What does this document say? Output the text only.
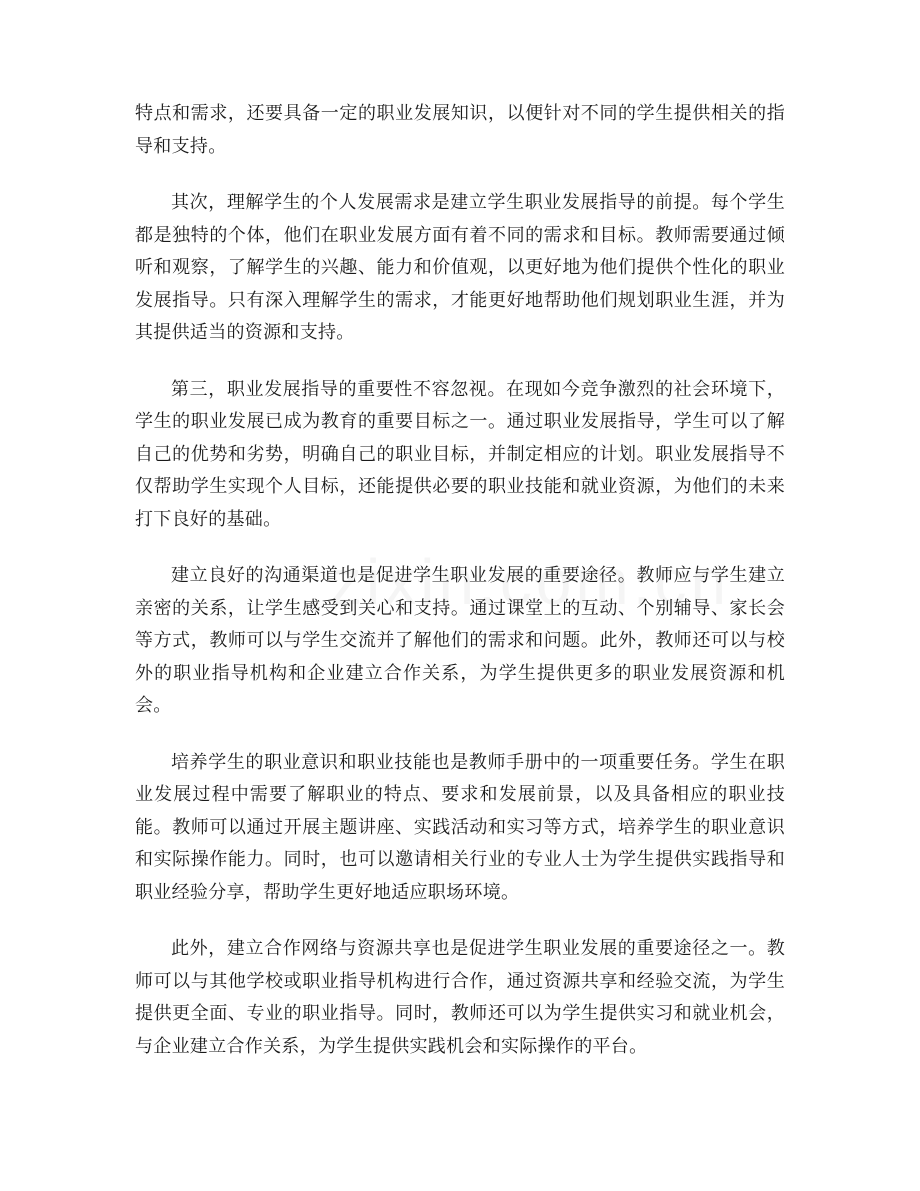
特点和需求，还要具备一定的职业发展知识，以便针对不同的学生提供相关的指导和支持。

其次，理解学生的个人发展需求是建立学生职业发展指导的前提。每个学生都是独特的个体，他们在职业发展方面有着不同的需求和目标。教师需要通过倾听和观察，了解学生的兴趣、能力和价值观，以更好地为他们提供个性化的职业发展指导。只有深入理解学生的需求，才能更好地帮助他们规划职业生涯，并为其提供适当的资源和支持。

第三，职业发展指导的重要性不容忽视。在现如今竞争激烈的社会环境下，学生的职业发展已成为教育的重要目标之一。通过职业发展指导，学生可以了解自己的优势和劣势，明确自己的职业目标，并制定相应的计划。职业发展指导不仅帮助学生实现个人目标，还能提供必要的职业技能和就业资源，为他们的未来打下良好的基础。

建立良好的沟通渠道也是促进学生职业发展的重要途径。教师应与学生建立亲密的关系，让学生感受到关心和支持。通过课堂上的互动、个别辅导、家长会等方式，教师可以与学生交流并了解他们的需求和问题。此外，教师还可以与校外的职业指导机构和企业建立合作关系，为学生提供更多的职业发展资源和机会。

培养学生的职业意识和职业技能也是教师手册中的一项重要任务。学生在职业发展过程中需要了解职业的特点、要求和发展前景，以及具备相应的职业技能。教师可以通过开展主题讲座、实践活动和实习等方式，培养学生的职业意识和实际操作能力。同时，也可以邀请相关行业的专业人士为学生提供实践指导和职业经验分享，帮助学生更好地适应职场环境。

此外，建立合作网络与资源共享也是促进学生职业发展的重要途径之一。教师可以与其他学校或职业指导机构进行合作，通过资源共享和经验交流，为学生提供更全面、专业的职业指导。同时，教师还可以为学生提供实习和就业机会，与企业建立合作关系，为学生提供实践机会和实际操作的平台。
